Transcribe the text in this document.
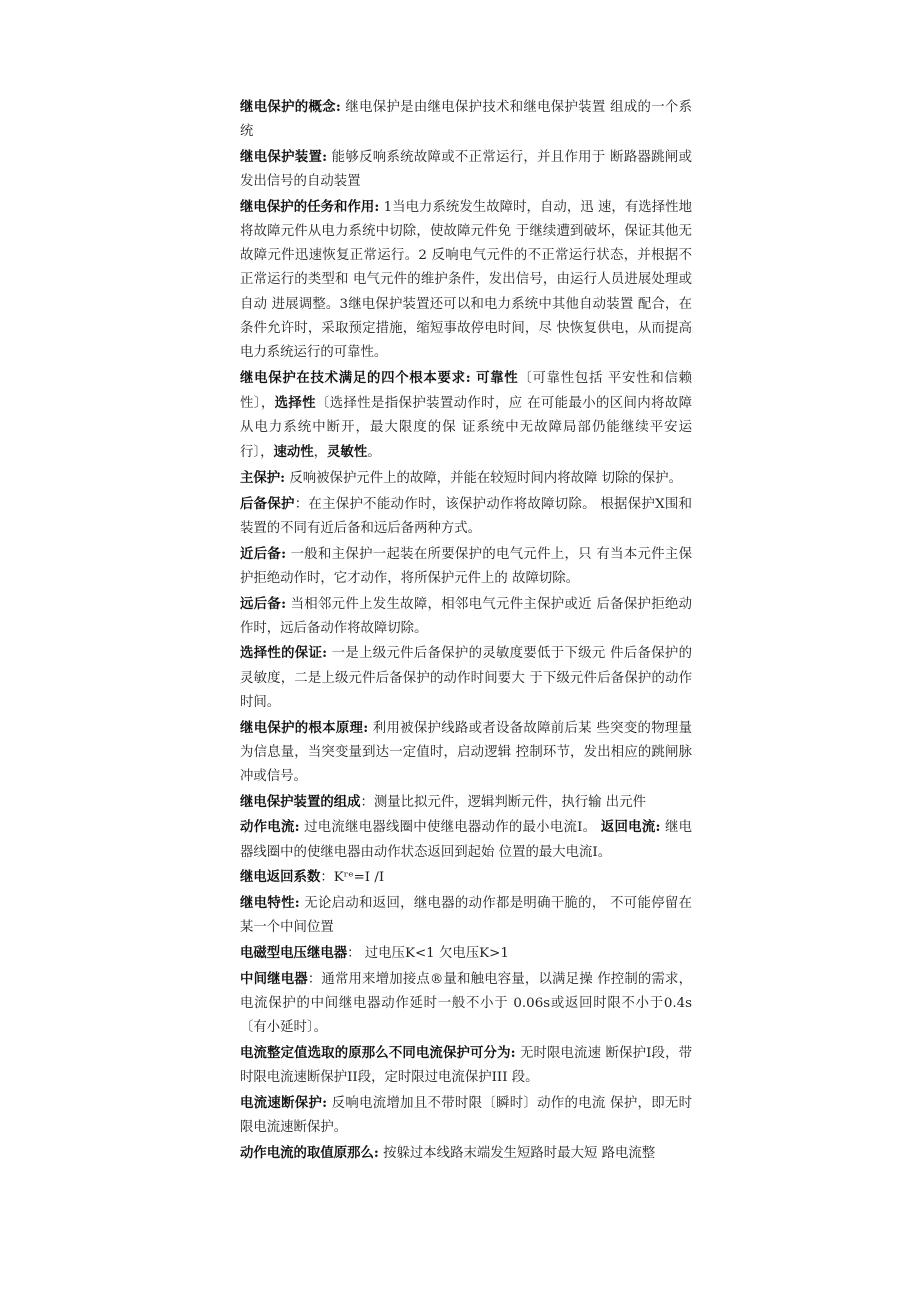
继电保护的概念: 继电保护是由继电保护技术和继电保护装置 组成的一个系统

继电保护装置: 能够反响系统故障或不正常运行，并且作用于 断路器跳闸或发出信号的自动装置

继电保护的任务和作用: 1当电力系统发生故障时，自动，迅 速，有选择性地将故障元件从电力系统中切除，使故障元件免 于继续遭到破坏，保证其他无故障元件迅速恢复正常运行。2 反响电气元件的不正常运行状态，并根据不正常运行的类型和 电气元件的维护条件，发出信号，由运行人员进展处理或自动 进展调整。3继电保护装置还可以和电力系统中其他自动装置 配合，在条件允许时，采取预定措施，缩短事故停电时间，尽 快恢复供电，从而提高电力系统运行的可靠性。

继电保护在技术满足的四个根本要求: 可靠性〔可靠性包括 平安性和信赖性〕，选择性〔选择性是指保护装置动作时，应 在可能最小的区间内将故障从电力系统中断开，最大限度的保 证系统中无故障局部仍能继续平安运行〕，速动性，灵敏性。

主保护: 反响被保护元件上的故障，并能在较短时间内将故障 切除的保护。

后备保护：在主保护不能动作时，该保护动作将故障切除。 根据保护X围和装置的不同有近后备和远后备两种方式。

近后备: 一般和主保护一起装在所要保护的电气元件上，只 有当本元件主保护拒绝动作时，它才动作，将所保护元件上的 故障切除。

远后备: 当相邻元件上发生故障，相邻电气元件主保护或近 后备保护拒绝动作时，远后备动作将故障切除。

选择性的保证: 一是上级元件后备保护的灵敏度要低于下级元 件后备保护的灵敏度，二是上级元件后备保护的动作时间要大 于下级元件后备保护的动作时间。

继电保护的根本原理: 利用被保护线路或者设备故障前后某 些突变的物理量为信息量，当突变量到达一定值时，启动逻辑 控制环节，发出相应的跳闸脉冲或信号。

继电保护装置的组成：测量比拟元件，逻辑判断元件，执行输 出元件

动作电流: 过电流继电器线圈中使继电器动作的最小电流I。 返回电流: 继电器线圈中的使继电器由动作状态返回到起始 位置的最大电流I。

继电返回系数：Kʳᵉ=I /I

继电特性: 无论启动和返回，继电器的动作都是明确干脆的， 不可能停留在某一个中间位置

电磁型电压继电器： 过电压K<1 欠电压K>1

中间继电器：通常用来增加接点®量和触电容量，以满足操 作控制的需求，电流保护的中间继电器动作延时一般不小于 0.06s或返回时限不小于0.4s 〔有小延时〕。

电流整定值选取的原那么不同电流保护可分为: 无时限电流速 断保护I段，带时限电流速断保护II段，定时限过电流保护III 段。

电流速断保护: 反响电流增加且不带时限〔瞬时〕动作的电流 保护，即无时限电流速断保护。

动作电流的取值原那么: 按躲过本线路末端发生短路时最大短 路电流整
